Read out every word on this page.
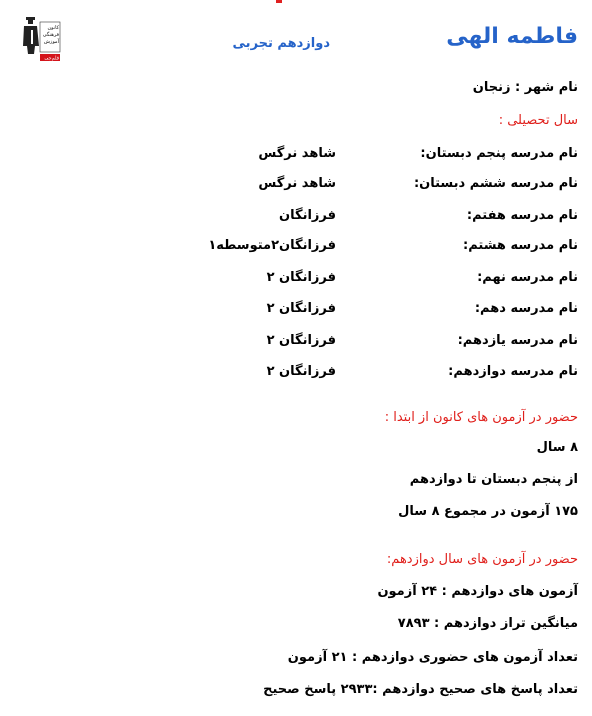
کانون
فرهنگی
آموزش
قلم‌چی
فاطمه الهی
دوازدهم تجربی
نام شهر : زنجان
سال تحصیلی :
نام مدرسه پنجم دبستان:
شاهد نرگس
نام مدرسه ششم دبستان:
شاهد نرگس
نام مدرسه هفتم:
فرزانگان
نام مدرسه هشتم:
فرزانگان۲متوسطه۱
نام مدرسه نهم:
فرزانگان ۲
نام مدرسه دهم:
فرزانگان ۲
نام مدرسه یازدهم:
فرزانگان ۲
نام مدرسه دوازدهم:
فرزانگان ۲
حضور در آزمون های کانون از ابتدا :
۸ سال
از پنجم دبستان تا دوازدهم
۱۷۵ آزمون در مجموع ۸ سال
حضور در آزمون های سال دوازدهم:
آزمون های دوازدهم : ۲۴ آزمون
میانگین تراز دوازدهم : ۷۸۹۳
تعداد آزمون های حضوری دوازدهم : ۲۱ آزمون
تعداد پاسخ های صحیح دوازدهم :۲۹۳۳ پاسخ صحیح
